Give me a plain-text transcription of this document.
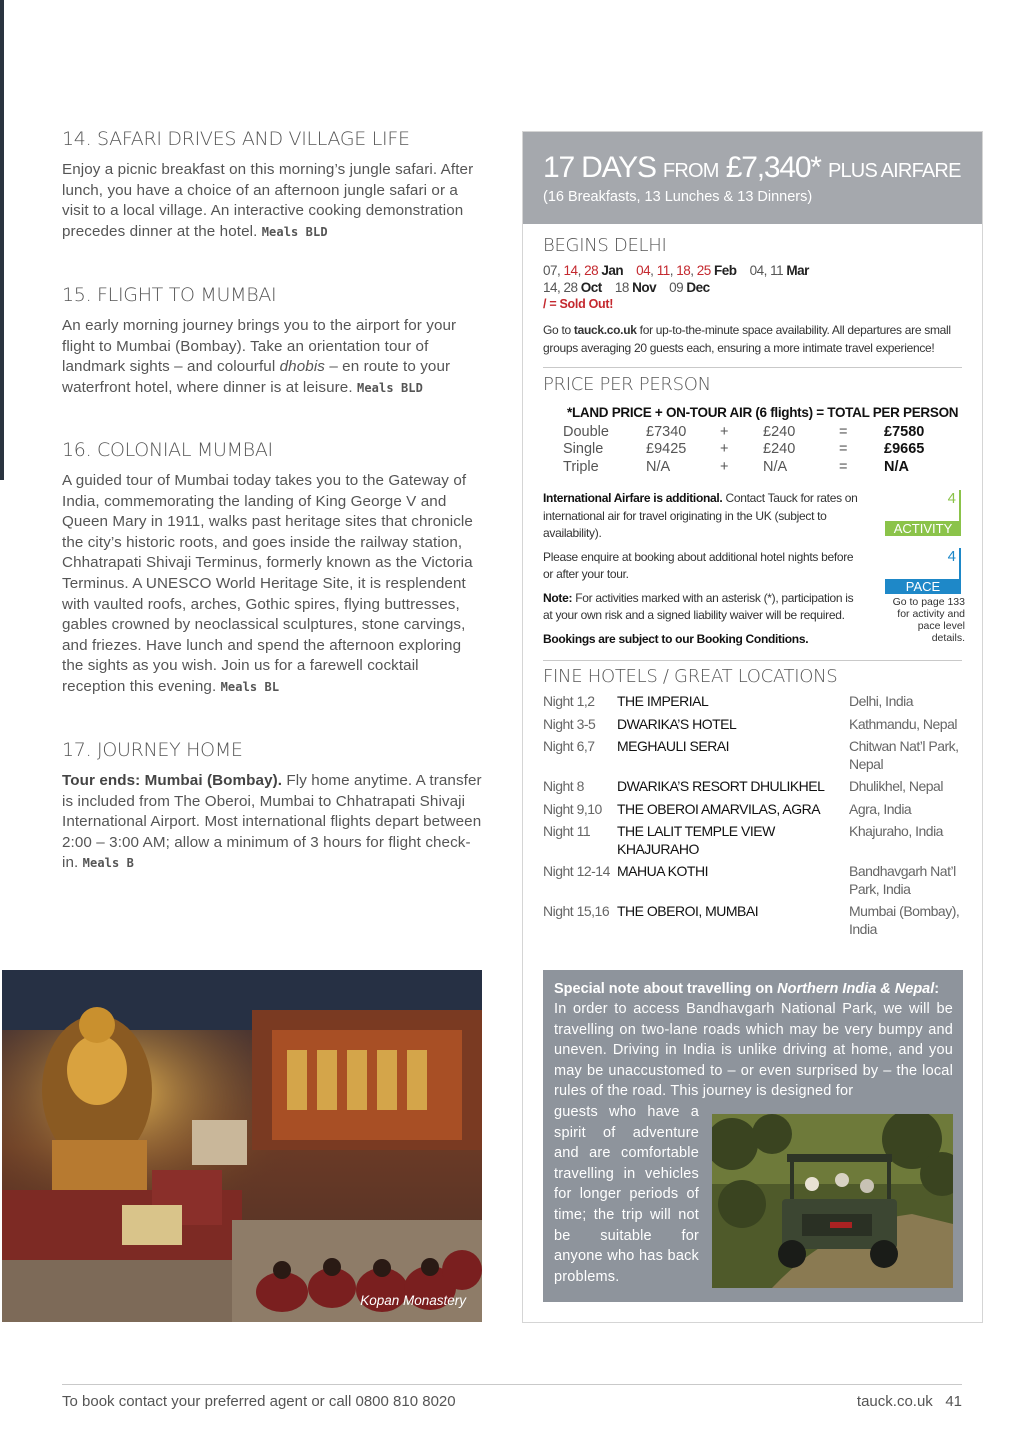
14. SAFARI DRIVES AND VILLAGE LIFE
Enjoy a picnic breakfast on this morning’s jungle safari. After lunch, you have a choice of an afternoon jungle safari or a visit to a local village. An interactive cooking demonstration precedes dinner at the hotel. Meals BLD
15. FLIGHT TO MUMBAI
An early morning journey brings you to the airport for your flight to Mumbai (Bombay). Take an orientation tour of landmark sights – and colourful dhobis – en route to your waterfront hotel, where dinner is at leisure. Meals BLD
16. COLONIAL MUMBAI
A guided tour of Mumbai today takes you to the Gateway of India, commemorating the landing of King George V and Queen Mary in 1911, walks past heritage sites that chronicle the city’s historic roots, and goes inside the railway station, Chhatrapati Shivaji Terminus, formerly known as the Victoria Terminus. A UNESCO World Heritage Site, it is resplendent with vaulted roofs, arches, Gothic spires, flying buttresses, gables crowned by neoclassical sculptures, stone carvings, and friezes. Have lunch and spend the afternoon exploring the sights as you wish. Join us for a farewell cocktail reception this evening. Meals BL
17. JOURNEY HOME
Tour ends: Mumbai (Bombay). Fly home anytime. A transfer is included from The Oberoi, Mumbai to Chhatrapati Shivaji International Airport. Most international flights depart between 2:00 – 3:00 AM; allow a minimum of 3 hours for flight check-in. Meals B
Kopan Monastery
17 DAYS FROM £7,340* PLUS AIRFARE
(16 Breakfasts, 13 Lunches & 13 Dinners)
BEGINS DELHI
07, 14, 28 Jan 04, 11, 18, 25 Feb    04, 11 Mar
14, 28 Oct    18 Nov    09 Dec
/ = Sold Out!
Go to tauck.co.uk for up-to-the-minute space availability. All departures are small groups averaging 20 guests each, ensuring a more intimate travel experience!
PRICE PER PERSON
*LAND PRICE + ON-TOUR AIR (6 flights) = TOTAL PER PERSON
Double	£7340	+	£240	=	£7580
Single	£9425	+	£240	=	£9665
Triple	N/A	+	N/A	=	N/A

International Airfare is additional. Contact Tauck for rates on international air for travel originating in the UK (subject to availability).

Please enquire at booking about additional hotel nights before or after your tour.

Note: For activities marked with an asterisk (*), participation is at your own risk and a signed liability waiver will be required.

Bookings are subject to our Booking Conditions.

4
ACTIVITY
4
PACE
Go to page 133 for activity and pace level details.
FINE HOTELS / GREAT LOCATIONS
Night 1,2	THE IMPERIAL	Delhi, India
Night 3-5	DWARIKA’S HOTEL	Kathmandu, Nepal
Night 6,7	MEGHAULI SERAI	Chitwan Nat’l Park, Nepal
Night 8	DWARIKA’S RESORT DHULIKHEL	Dhulikhel, Nepal
Night 9,10	THE OBEROI AMARVILAS, AGRA	Agra, India
Night 11	THE LALIT TEMPLE VIEW KHAJURAHO	Khajuraho, India
Night 12-14	MAHUA KOTHI	Bandhavgarh Nat’l Park, India
Night 15,16	THE OBEROI, MUMBAI	Mumbai (Bombay), India
Special note about travelling on Northern India & Nepal:
In order to access Bandhavgarh National Park, we will be travelling on two-lane roads which may be very bumpy and uneven. Driving in India is unlike driving at home, and you may be unaccustomed to – or even surprised by – the local rules of the road. This journey is designed for
guests who have a spirit of adventure and are comfortable travelling in vehicles for longer periods of time; the trip will not be suitable for anyone who has back problems.
To book contact your preferred agent or call 0800 810 8020	tauck.co.uk 41
